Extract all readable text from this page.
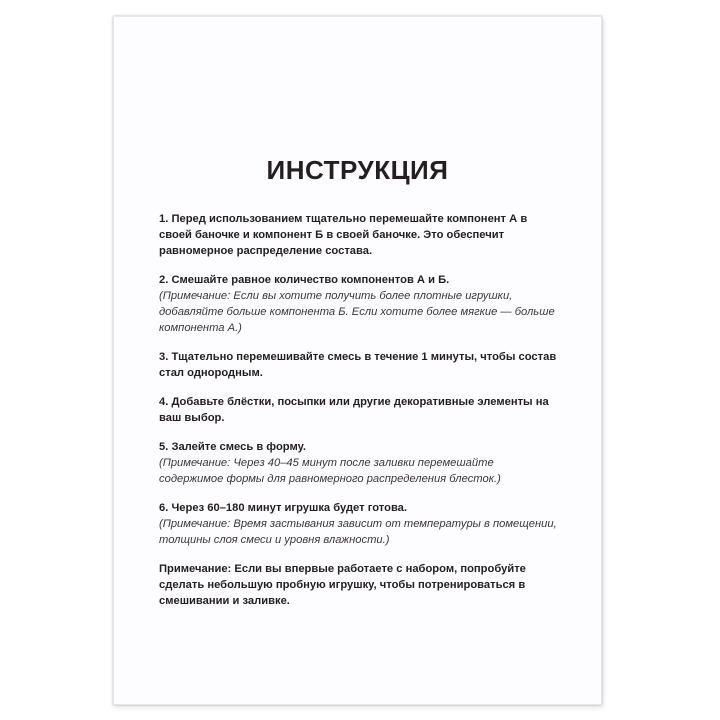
ИНСТРУКЦИЯ
1. Перед использованием тщательно перемешайте компонент А в своей баночке и компонент Б в своей баночке. Это обеспечит равномерное распределение состава.
2. Смешайте равное количество компонентов А и Б.
(Примечание: Если вы хотите получить более плотные игрушки, добавляйте больше компонента Б. Если хотите более мягкие — больше компонента А.)
3. Тщательно перемешивайте смесь в течение 1 минуты, чтобы состав стал однородным.
4. Добавьте блёстки, посыпки или другие декоративные элементы на ваш выбор.
5. Залейте смесь в форму.
(Примечание: Через 40–45 минут после заливки перемешайте содержимое формы для равномерного распределения блесток.)
6. Через 60–180 минут игрушка будет готова.
(Примечание: Время застывания зависит от температуры в помещении, толщины слоя смеси и уровня влажности.)
Примечание: Если вы впервые работаете с набором, попробуйте сделать небольшую пробную игрушку, чтобы потренироваться в смешивании и заливке.
